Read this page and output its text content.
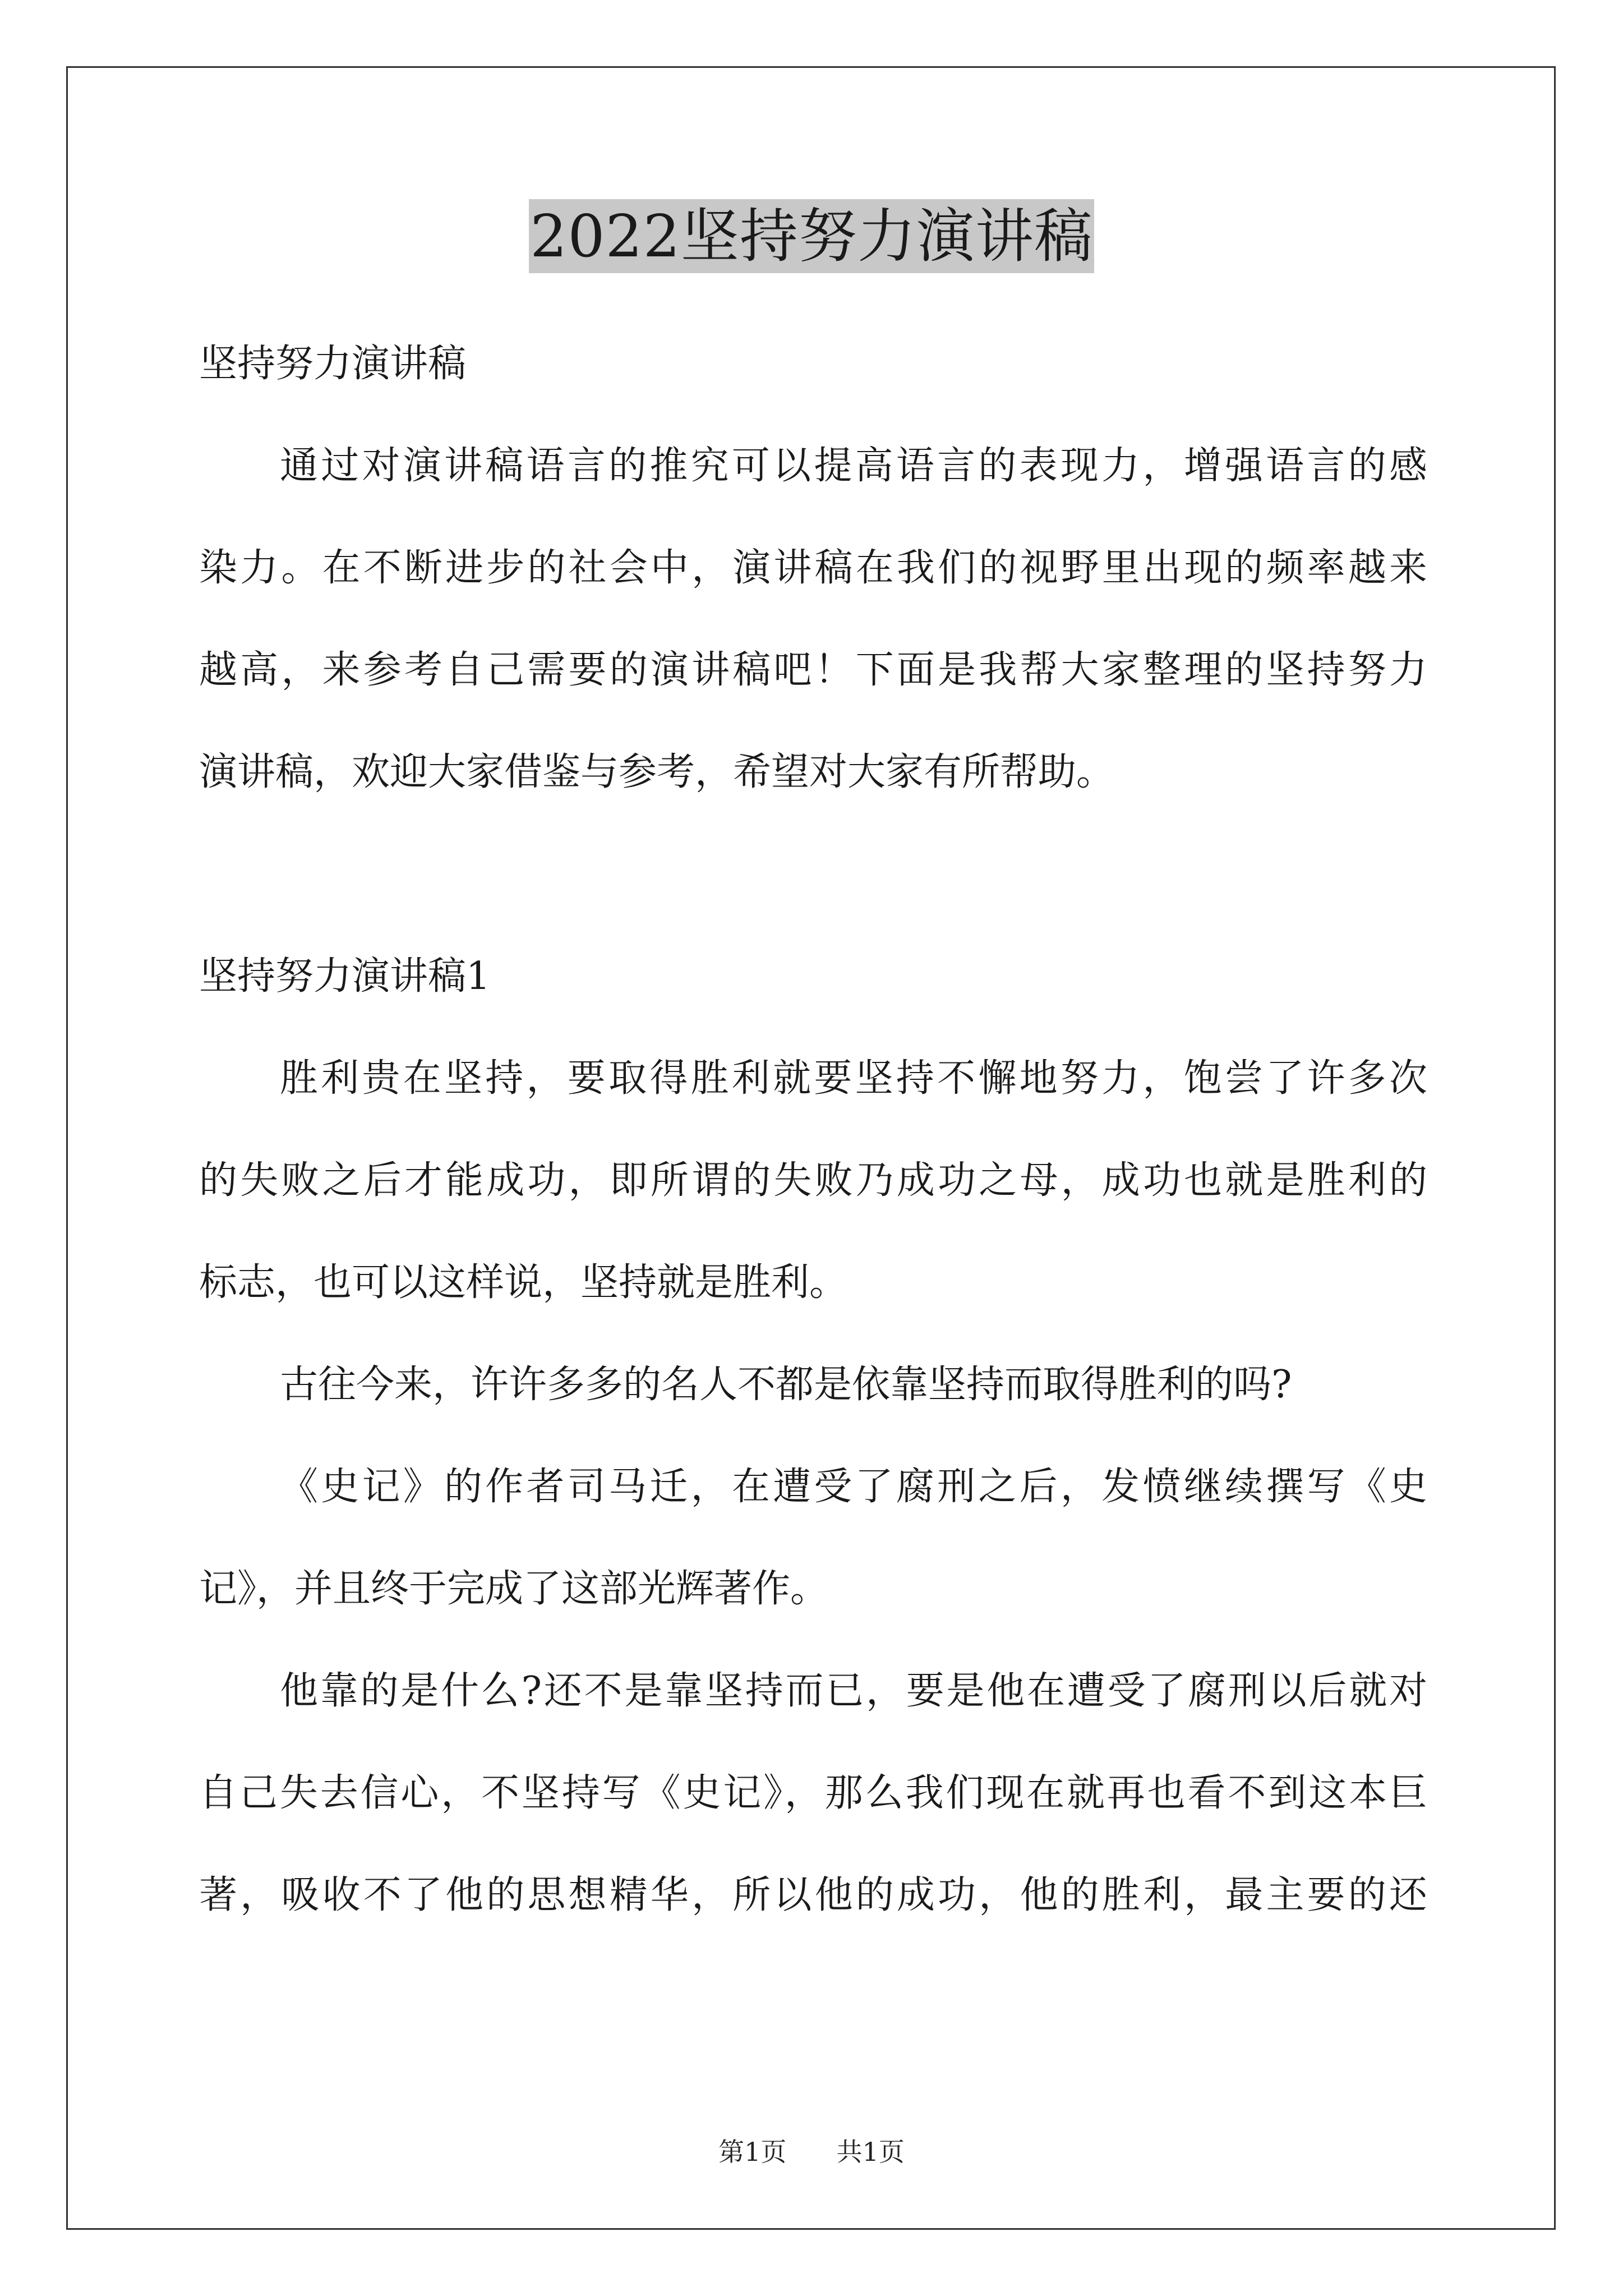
2022坚持努力演讲稿
坚持努力演讲稿
通过对演讲稿语言的推究可以提高语言的表现力，增强语言的感
染力。在不断进步的社会中，演讲稿在我们的视野里出现的频率越来
越高，来参考自己需要的演讲稿吧！下面是我帮大家整理的坚持努力
演讲稿，欢迎大家借鉴与参考，希望对大家有所帮助。
坚持努力演讲稿1
胜利贵在坚持，要取得胜利就要坚持不懈地努力，饱尝了许多次
的失败之后才能成功，即所谓的失败乃成功之母，成功也就是胜利的
标志，也可以这样说，坚持就是胜利。
古往今来，许许多多的名人不都是依靠坚持而取得胜利的吗?
《史记》的作者司马迁，在遭受了腐刑之后，发愤继续撰写《史
记》，并且终于完成了这部光辉著作。
他靠的是什么?还不是靠坚持而已，要是他在遭受了腐刑以后就对
自己失去信心，不坚持写《史记》，那么我们现在就再也看不到这本巨
著，吸收不了他的思想精华，所以他的成功，他的胜利，最主要的还
第1页 共1页
